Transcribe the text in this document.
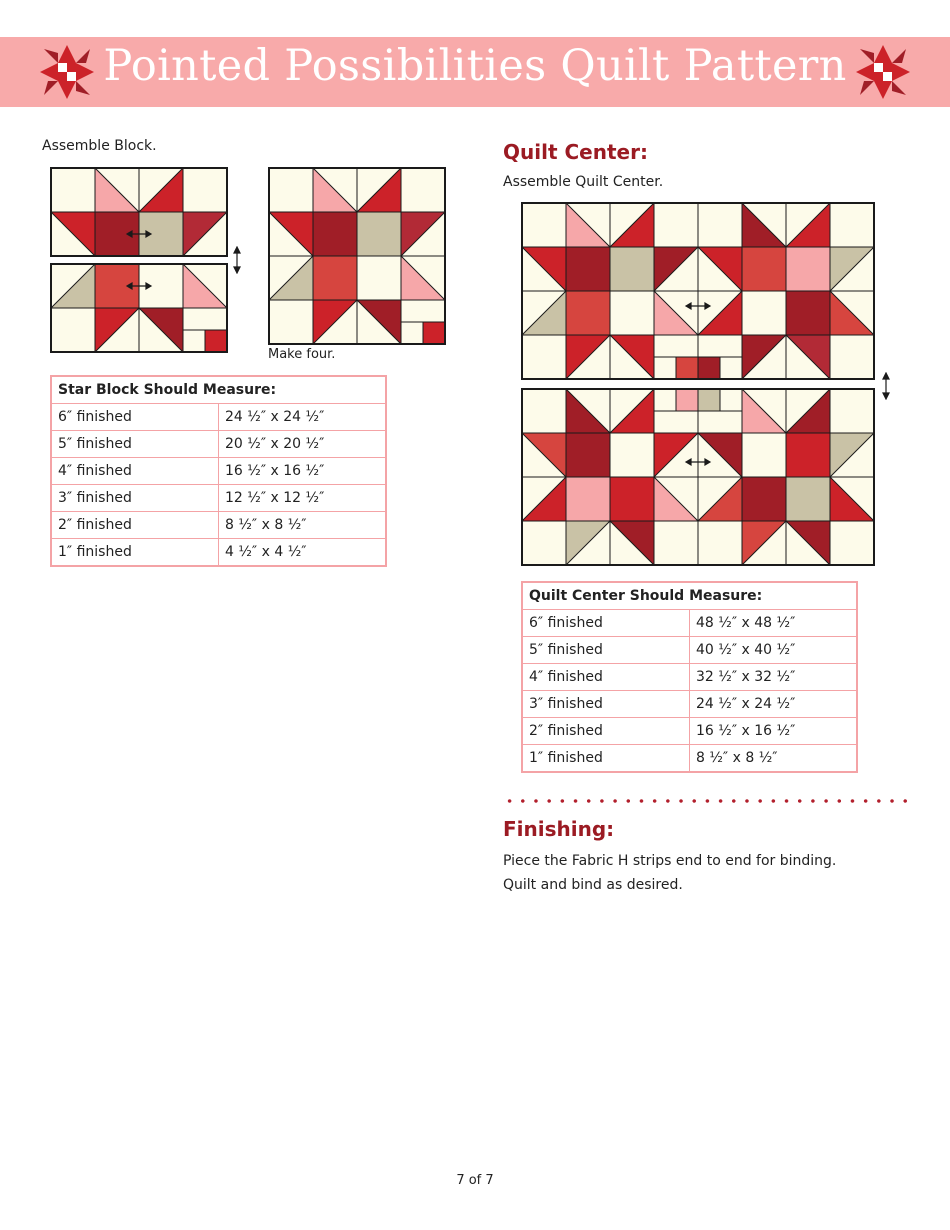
Pointed Possibilities Quilt Pattern
Assemble Block.
Make four.
Star Block Should Measure:	
6″ finished	24 ½″ x 24 ½″
5″ finished	20 ½″ x 20 ½″
4″ finished	16 ½″ x 16 ½″
3″ finished	12 ½″ x 12 ½″
2″ finished	8 ½″ x 8 ½″
1″ finished	4 ½″ x 4 ½″
Quilt Center:
Assemble Quilt Center.
Quilt Center Should Measure:	
6″ finished	48 ½″ x 48 ½″
5″ finished	40 ½″ x 40 ½″
4″ finished	32 ½″ x 32 ½″
3″ finished	24 ½″ x 24 ½″
2″ finished	16 ½″ x 16 ½″
1″ finished	8 ½″ x 8 ½″
Finishing:
Piece the Fabric H strips end to end for binding.
Quilt and bind as desired.
7 of 7
